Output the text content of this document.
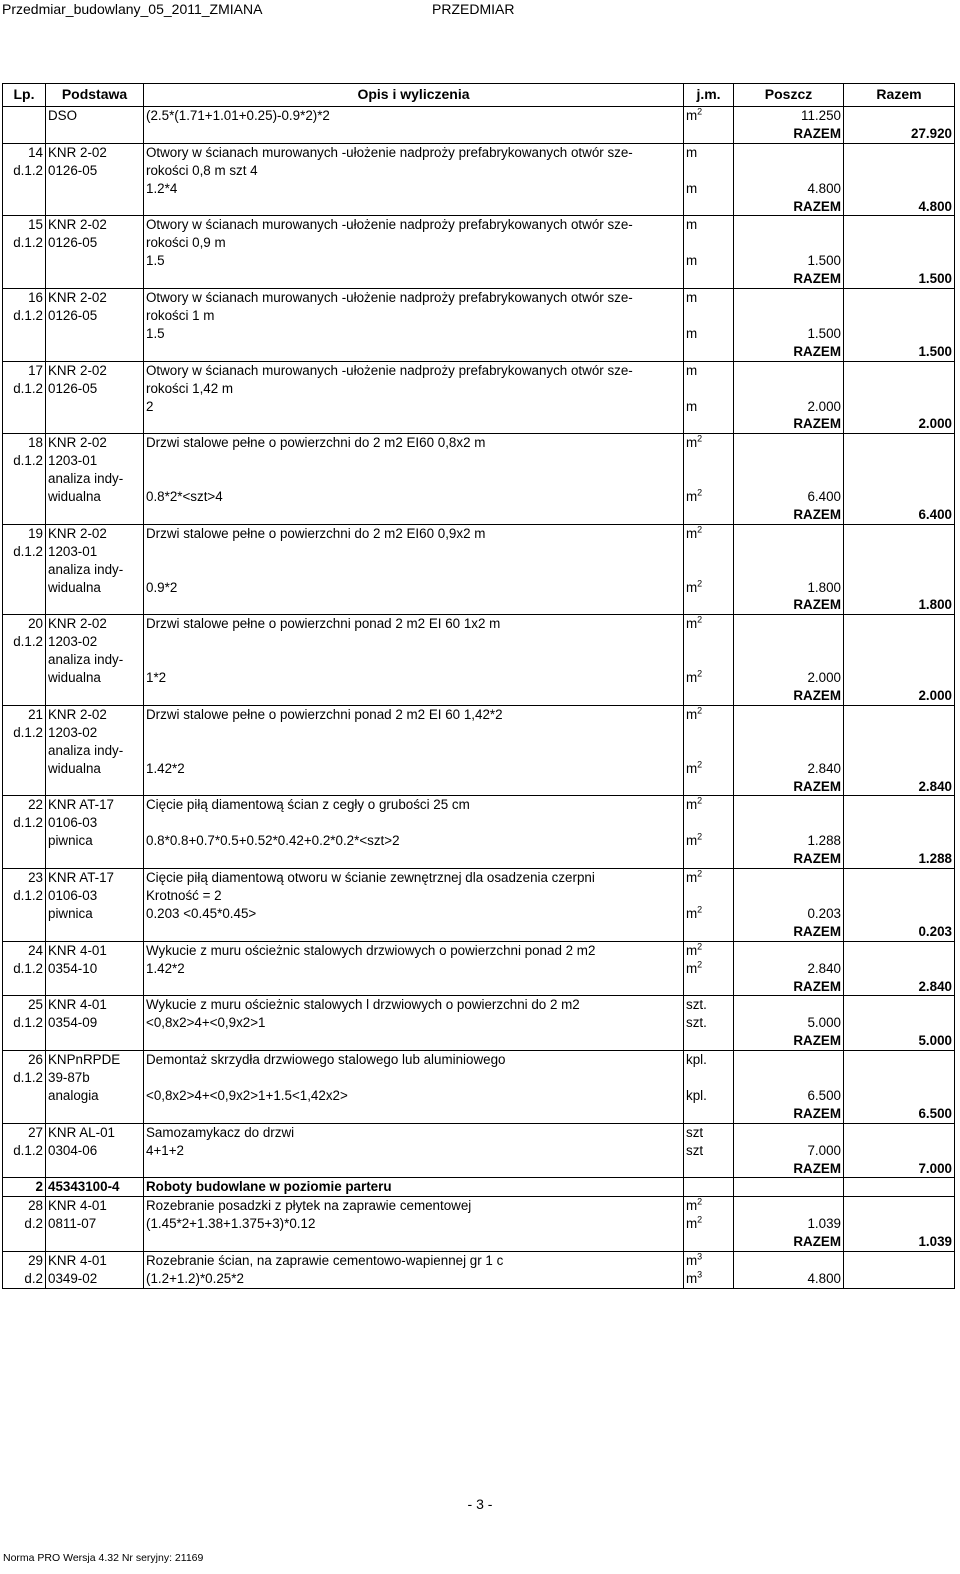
Przedmiar_budowlany_05_2011_ZMIANA	PRZEDMIAR
Lp.	Podstawa	Opis i wyliczenia	j.m.	Poszcz	Razem
	DSO	(2.5*(1.71+1.01+0.25)-0.9*2)*2	$m^2$	11.250	
				RAZEM	27.920
14	KNR 2-02	Otwory w ścianach murowanych -ułożenie nadproży prefabrykowanych otwór sze-	m		
d.1.2	0126-05	rokości 0,8 m szt 4			
		1.2*4	m	4.800	
				RAZEM	4.800
15	KNR 2-02	Otwory w ścianach murowanych -ułożenie nadproży prefabrykowanych otwór sze-	m		
d.1.2	0126-05	rokości 0,9 m			
		1.5	m	1.500	
				RAZEM	1.500
16	KNR 2-02	Otwory w ścianach murowanych -ułożenie nadproży prefabrykowanych otwór sze-	m		
d.1.2	0126-05	rokości 1 m			
		1.5	m	1.500	
				RAZEM	1.500
17	KNR 2-02	Otwory w ścianach murowanych -ułożenie nadproży prefabrykowanych otwór sze-	m		
d.1.2	0126-05	rokości 1,42 m			
		2	m	2.000	
				RAZEM	2.000
18	KNR 2-02	Drzwi stalowe pełne o powierzchni do 2 m2 EI60 0,8x2 m	$m^2$		
d.1.2	1203-01				
	analiza indy-				
	widualna	0.8*2*<szt>4	$m^2$	6.400	
				RAZEM	6.400
19	KNR 2-02	Drzwi stalowe pełne o powierzchni do 2 m2 EI60 0,9x2 m	$m^2$		
d.1.2	1203-01				
	analiza indy-				
	widualna	0.9*2	$m^2$	1.800	
				RAZEM	1.800
20	KNR 2-02	Drzwi stalowe pełne o powierzchni ponad 2 m2 EI 60 1x2 m	$m^2$		
d.1.2	1203-02				
	analiza indy-				
	widualna	1*2	$m^2$	2.000	
				RAZEM	2.000
21	KNR 2-02	Drzwi stalowe pełne o powierzchni ponad 2 m2 EI 60 1,42*2	$m^2$		
d.1.2	1203-02				
	analiza indy-				
	widualna	1.42*2	$m^2$	2.840	
				RAZEM	2.840
22	KNR AT-17	Cięcie piłą diamentową ścian z cegły o grubości 25 cm	$m^2$		
d.1.2	0106-03				
	piwnica	0.8*0.8+0.7*0.5+0.52*0.42+0.2*0.2*<szt>2	$m^2$	1.288	
				RAZEM	1.288
23	KNR AT-17	Cięcie piłą diamentową otworu w ścianie zewnętrznej dla osadzenia czerpni	$m^2$		
d.1.2	0106-03	Krotność = 2			
	piwnica	0.203 <0.45*0.45>	$m^2$	0.203	
				RAZEM	0.203
24	KNR 4-01	Wykucie z muru ościeżnic stalowych drzwiowych o powierzchni ponad 2 m2	$m^2$		
d.1.2	0354-10	1.42*2	$m^2$	2.840	
				RAZEM	2.840
25	KNR 4-01	Wykucie z muru ościeżnic stalowych l drzwiowych o powierzchni do 2 m2	szt.		
d.1.2	0354-09	<0,8x2>4+<0,9x2>1	szt.	5.000	
				RAZEM	5.000
26	KNPnRPDE	Demontaż skrzydła drzwiowego stalowego lub aluminiowego	kpl.		
d.1.2	39-87b				
	analogia	<0,8x2>4+<0,9x2>1+1.5<1,42x2>	kpl.	6.500	
				RAZEM	6.500
27	KNR AL-01	Samozamykacz do drzwi	szt		
d.1.2	0304-06	4+1+2	szt	7.000	
				RAZEM	7.000
2	45343100-4	Roboty budowlane w poziomie parteru			
28	KNR 4-01	Rozebranie posadzki z płytek na zaprawie cementowej	$m^2$		
d.2	0811-07	(1.45*2+1.38+1.375+3)*0.12	$m^2$	1.039	
				RAZEM	1.039
29	KNR 4-01	Rozebranie ścian, na zaprawie cementowo-wapiennej gr 1 c	$m^3$		
d.2	0349-02	(1.2+1.2)*0.25*2	$m^3$	4.800	
- 3 -
Norma PRO Wersja 4.32 Nr seryjny: 21169
